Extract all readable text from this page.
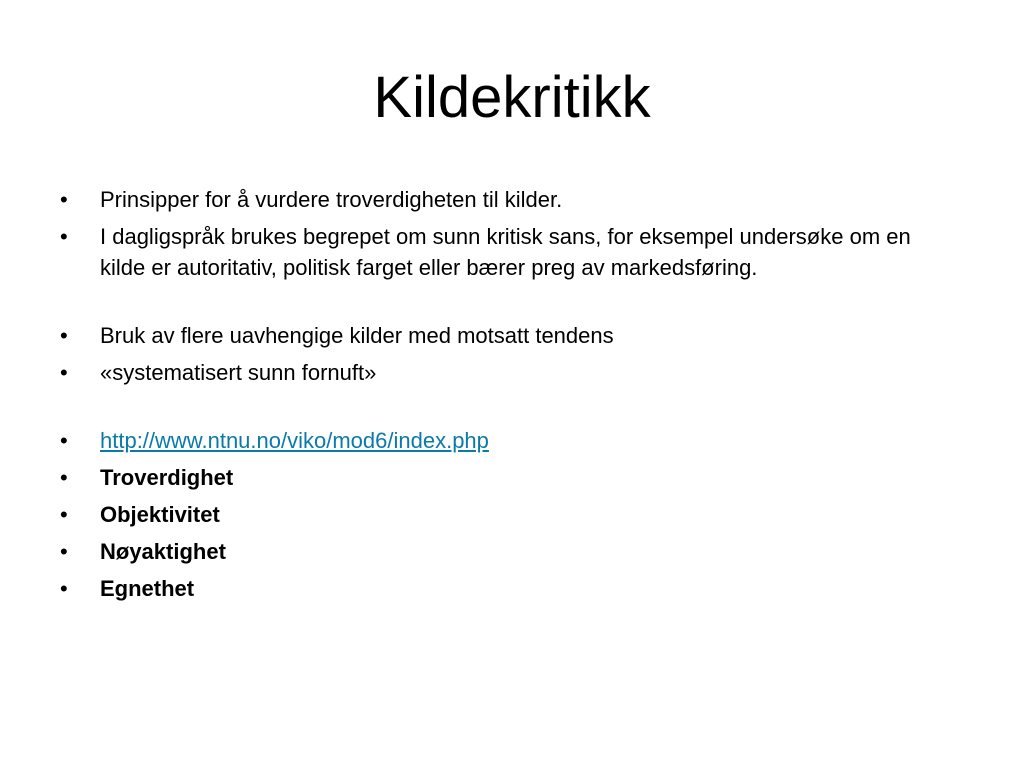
Kildekritikk
•	Prinsipper for å vurdere troverdigheten til kilder.
•	I dagligspråk brukes begrepet om sunn kritisk sans, for eksempel undersøke om en kilde er autoritativ, politisk farget eller bærer preg av markedsføring.
•	Bruk av flere uavhengige kilder med motsatt tendens
•	«systematisert sunn fornuft»
•	http://www.ntnu.no/viko/mod6/index.php
•	Troverdighet
•	Objektivitet
•	Nøyaktighet
•	Egnethet
